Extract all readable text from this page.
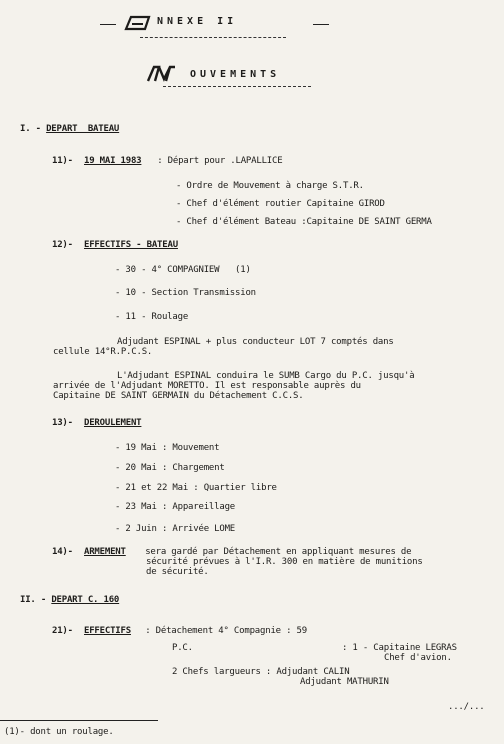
NNEXE II
OUVEMENTS
I. - DEPART  BATEAU
11)- 19 MAI 1983 : Départ pour .LAPALLICE
- Ordre de Mouvement à charge S.T.R.
- Chef d'élément routier Capitaine GIROD
- Chef d'élément Bateau :Capitaine DE SAINT GERMA
12)- EFFECTIFS - BATEAU
- 30 - 4° COMPAGNIEW   (1)
- 10 - Section Transmission
- 11 - Roulage
Adjudant ESPINAL + plus conducteur LOT 7 comptés dans
cellule 14°R.P.C.S.
L'Adjudant ESPINAL conduira le SUMB Cargo du P.C. jusqu'à
arrivée de l'Adjudant MORETTO. Il est responsable auprès du
Capitaine DE SAINT GERMAIN du Détachement C.C.S.
13)- DEROULEMENT
- 19 Mai : Mouvement
- 20 Mai : Chargement
- 21 et 22 Mai : Quartier libre
- 23 Mai : Appareillage
- 2 Juin : Arrivée LOME
14)- ARMEMENT sera gardé par Détachement en appliquant mesures de
sécurité prévues à l'I.R. 300 en matière de munitions
de sécurité.
II. - DEPART C. 160
21)- EFFECTIFS : Détachement 4° Compagnie : 59
P.C.	: 1 - Capitaine LEGRAS
Chef d'avion.
2 Chefs largueurs : Adjudant CALIN
Adjudant MATHURIN
.../...
(1)- dont un roulage.
